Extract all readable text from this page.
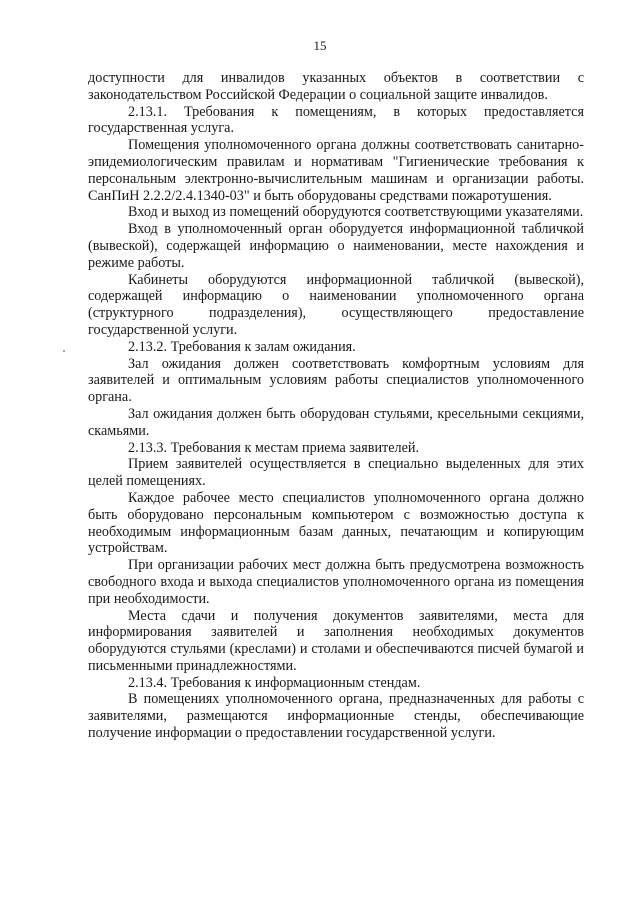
15

доступности для инвалидов указанных объектов в соответствии с законодательством Российской Федерации о социальной защите инвалидов.

2.13.1. Требования к помещениям, в которых предоставляется государственная услуга.

Помещения уполномоченного органа должны соответствовать санитарно-эпидемиологическим правилам и нормативам "Гигиенические требования к персональным электронно-вычислительным машинам и организации работы. СанПиН 2.2.2/2.4.1340-03" и быть оборудованы средствами пожаротушения.

Вход и выход из помещений оборудуются соответствующими указателями.

Вход в уполномоченный орган оборудуется информационной табличкой (вывеской), содержащей информацию о наименовании, месте нахождения и режиме работы.

Кабинеты оборудуются информационной табличкой (вывеской), содержащей информацию о наименовании уполномоченного органа (структурного подразделения), осуществляющего предоставление государственной услуги.

2.13.2. Требования к залам ожидания.

Зал ожидания должен соответствовать комфортным условиям для заявителей и оптимальным условиям работы специалистов уполномоченного органа.

Зал ожидания должен быть оборудован стульями, кресельными секциями, скамьями.

2.13.3. Требования к местам приема заявителей.

Прием заявителей осуществляется в специально выделенных для этих целей помещениях.

Каждое рабочее место специалистов уполномоченного органа должно быть оборудовано персональным компьютером с возможностью доступа к необходимым информационным базам данных, печатающим и копирующим устройствам.

При организации рабочих мест должна быть предусмотрена возможность свободного входа и выхода специалистов уполномоченного органа из помещения при необходимости.

Места сдачи и получения документов заявителями, места для информирования заявителей и заполнения необходимых документов оборудуются стульями (креслами) и столами и обеспечиваются писчей бумагой и письменными принадлежностями.

2.13.4. Требования к информационным стендам.

В помещениях уполномоченного органа, предназначенных для работы с заявителями, размещаются информационные стенды, обеспечивающие получение информации о предоставлении государственной услуги.
